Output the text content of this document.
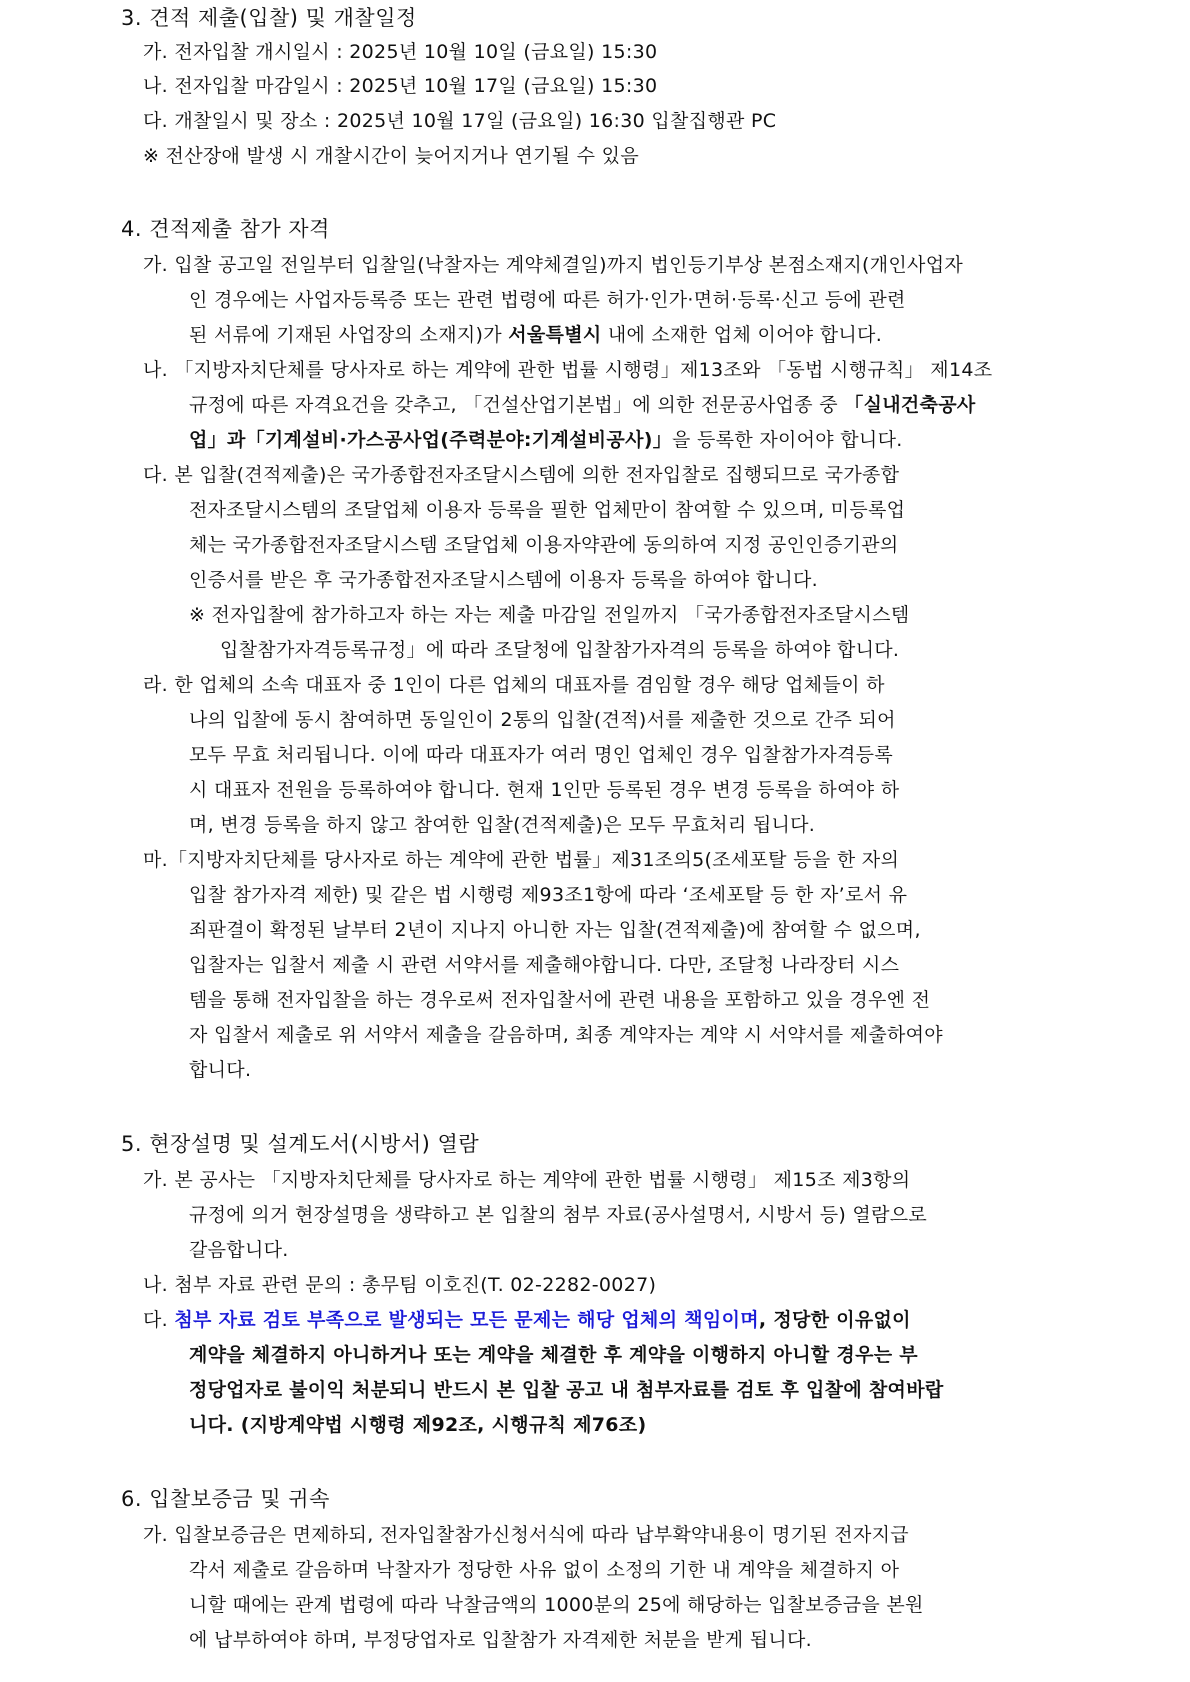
3. 견적 제출(입찰) 및 개찰일정
가. 전자입찰 개시일시 : 2025년 10월 10일 (금요일) 15:30
나. 전자입찰 마감일시 : 2025년 10월 17일 (금요일) 15:30
다. 개찰일시 및 장소 : 2025년 10월 17일 (금요일) 16:30 입찰집행관 PC
※ 전산장애 발생 시 개찰시간이 늦어지거나 연기될 수 있음
4. 견적제출 참가 자격
가. 입찰 공고일 전일부터 입찰일(낙찰자는 계약체결일)까지 법인등기부상 본점소재지(개인사업자
인 경우에는 사업자등록증 또는 관련 법령에 따른 허가·인가·면허·등록·신고 등에 관련
된 서류에 기재된 사업장의 소재지)가 서울특별시 내에 소재한 업체 이어야 합니다.
나. 「지방자치단체를 당사자로 하는 계약에 관한 법률 시행령」제13조와 「동법 시행규칙」 제14조
규정에 따른 자격요건을 갖추고, 「건설산업기본법」에 의한 전문공사업종 중 「실내건축공사
업」과「기계설비·가스공사업(주력분야:기계설비공사)」을 등록한 자이어야 합니다.
다. 본 입찰(견적제출)은 국가종합전자조달시스템에 의한 전자입찰로 집행되므로 국가종합
전자조달시스템의 조달업체 이용자 등록을 필한 업체만이 참여할 수 있으며, 미등록업
체는 국가종합전자조달시스템 조달업체 이용자약관에 동의하여 지정 공인인증기관의
인증서를 받은 후 국가종합전자조달시스템에 이용자 등록을 하여야 합니다.
※ 전자입찰에 참가하고자 하는 자는 제출 마감일 전일까지 「국가종합전자조달시스템
입찰참가자격등록규정」에 따라 조달청에 입찰참가자격의 등록을 하여야 합니다.
라. 한 업체의 소속 대표자 중 1인이 다른 업체의 대표자를 겸임할 경우 해당 업체들이 하
나의 입찰에 동시 참여하면 동일인이 2통의 입찰(견적)서를 제출한 것으로 간주 되어
모두 무효 처리됩니다. 이에 따라 대표자가 여러 명인 업체인 경우 입찰참가자격등록
시 대표자 전원을 등록하여야 합니다. 현재 1인만 등록된 경우 변경 등록을 하여야 하
며, 변경 등록을 하지 않고 참여한 입찰(견적제출)은 모두 무효처리 됩니다.
마.「지방자치단체를 당사자로 하는 계약에 관한 법률」제31조의5(조세포탈 등을 한 자의
입찰 참가자격 제한) 및 같은 법 시행령 제93조1항에 따라 ‘조세포탈 등 한 자’로서 유
죄판결이 확정된 날부터 2년이 지나지 아니한 자는 입찰(견적제출)에 참여할 수 없으며,
입찰자는 입찰서 제출 시 관련 서약서를 제출해야합니다. 다만, 조달청 나라장터 시스
템을 통해 전자입찰을 하는 경우로써 전자입찰서에 관련 내용을 포함하고 있을 경우엔 전
자 입찰서 제출로 위 서약서 제출을 갈음하며, 최종 계약자는 계약 시 서약서를 제출하여야
합니다.
5. 현장설명 및 설계도서(시방서) 열람
가. 본 공사는 「지방자치단체를 당사자로 하는 계약에 관한 법률 시행령」 제15조 제3항의
규정에 의거 현장설명을 생략하고 본 입찰의 첨부 자료(공사설명서, 시방서 등) 열람으로
갈음합니다.
나. 첨부 자료 관련 문의 : 총무팀 이호진(T. 02-2282-0027)
다. 첨부 자료 검토 부족으로 발생되는 모든 문제는 해당 업체의 책임이며, 정당한 이유없이
계약을 체결하지 아니하거나 또는 계약을 체결한 후 계약을 이행하지 아니할 경우는 부
정당업자로 불이익 처분되니 반드시 본 입찰 공고 내 첨부자료를 검토 후 입찰에 참여바랍
니다. (지방계약법 시행령 제92조, 시행규칙 제76조)
6. 입찰보증금 및 귀속
가. 입찰보증금은 면제하되, 전자입찰참가신청서식에 따라 납부확약내용이 명기된 전자지급
각서 제출로 갈음하며 낙찰자가 정당한 사유 없이 소정의 기한 내 계약을 체결하지 아
니할 때에는 관계 법령에 따라 낙찰금액의 1000분의 25에 해당하는 입찰보증금을 본원
에 납부하여야 하며, 부정당업자로 입찰참가 자격제한 처분을 받게 됩니다.
